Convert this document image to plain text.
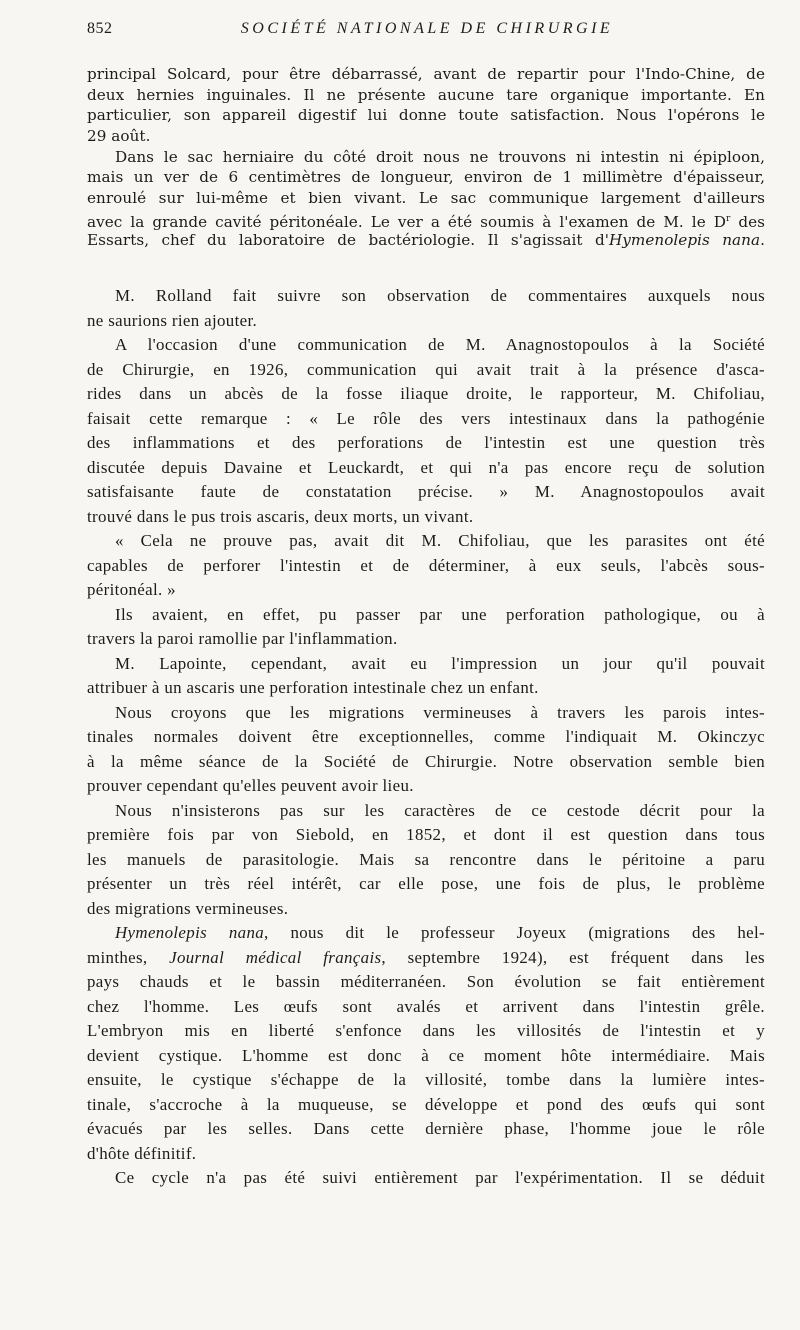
852	SOCIÉTÉ NATIONALE DE CHIRURGIE
principal Solcard, pour être débarrassé, avant de repartir pour l'Indo-Chine, de
deux hernies inguinales. Il ne présente aucune tare organique importante. En
particulier, son appareil digestif lui donne toute satisfaction. Nous l'opérons le
29 août.
Dans le sac herniaire du côté droit nous ne trouvons ni intestin ni épiploon,
mais un ver de 6 centimètres de longueur, environ de 1 millimètre d'épaisseur,
enroulé sur lui-même et bien vivant. Le sac communique largement d'ailleurs
avec la grande cavité péritonéale. Le ver a été soumis à l'examen de M. le $D^r$ des
Essarts, chef du laboratoire de bactériologie. Il s'agissait d'Hymenolepis nana.
M. Rolland fait suivre son observation de commentaires auxquels nous
ne saurions rien ajouter.
A l'occasion d'une communication de M. Anagnostopoulos à la Société
de Chirurgie, en 1926, communication qui avait trait à la présence d'asca-
rides dans un abcès de la fosse iliaque droite, le rapporteur, M. Chifoliau,
faisait cette remarque : « Le rôle des vers intestinaux dans la pathogénie
des inflammations et des perforations de l'intestin est une question très
discutée depuis Davaine et Leuckardt, et qui n'a pas encore reçu de solution
satisfaisante faute de constatation précise. » M. Anagnostopoulos avait
trouvé dans le pus trois ascaris, deux morts, un vivant.
« Cela ne prouve pas, avait dit M. Chifoliau, que les parasites ont été
capables de perforer l'intestin et de déterminer, à eux seuls, l'abcès sous-
péritonéal. »
Ils avaient, en effet, pu passer par une perforation pathologique, ou à
travers la paroi ramollie par l'inflammation.
M. Lapointe, cependant, avait eu l'impression un jour qu'il pouvait
attribuer à un ascaris une perforation intestinale chez un enfant.
Nous croyons que les migrations vermineuses à travers les parois intes-
tinales normales doivent être exceptionnelles, comme l'indiquait M. Okinczyc
à la même séance de la Société de Chirurgie. Notre observation semble bien
prouver cependant qu'elles peuvent avoir lieu.
Nous n'insisterons pas sur les caractères de ce cestode décrit pour la
première fois par von Siebold, en 1852, et dont il est question dans tous
les manuels de parasitologie. Mais sa rencontre dans le péritoine a paru
présenter un très réel intérêt, car elle pose, une fois de plus, le problème
des migrations vermineuses.
Hymenolepis nana, nous dit le professeur Joyeux (migrations des hel-
minthes, Journal médical français, septembre 1924), est fréquent dans les
pays chauds et le bassin méditerranéen. Son évolution se fait entièrement
chez l'homme. Les œufs sont avalés et arrivent dans l'intestin grêle.
L'embryon mis en liberté s'enfonce dans les villosités de l'intestin et y
devient cystique. L'homme est donc à ce moment hôte intermédiaire. Mais
ensuite, le cystique s'échappe de la villosité, tombe dans la lumière intes-
tinale, s'accroche à la muqueuse, se développe et pond des œufs qui sont
évacués par les selles. Dans cette dernière phase, l'homme joue le rôle
d'hôte définitif.
Ce cycle n'a pas été suivi entièrement par l'expérimentation. Il se déduit
